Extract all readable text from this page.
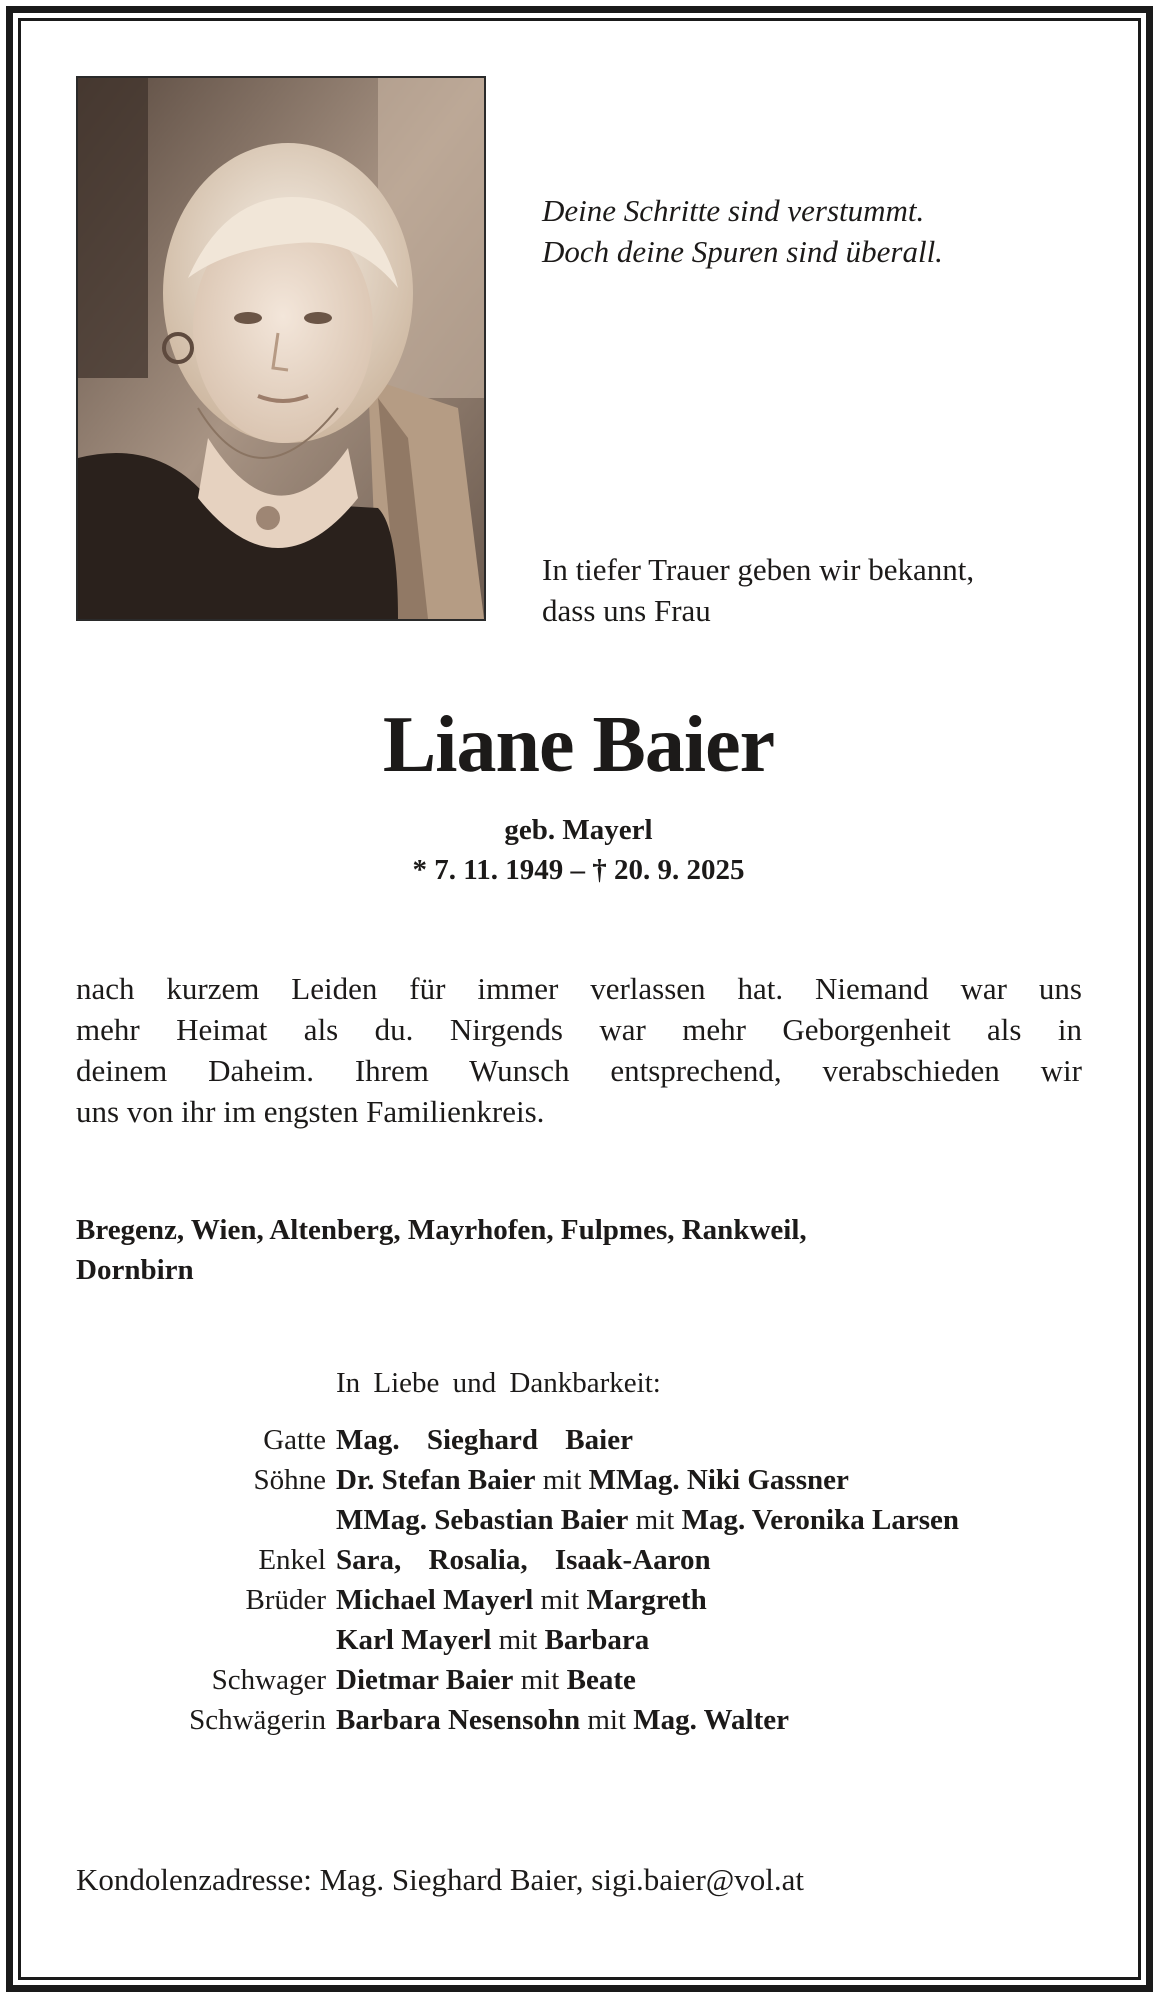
Deine Schritte sind verstummt.
Doch deine Spuren sind überall.
In tiefer Trauer geben wir bekannt,
dass uns Frau
Liane Baier
geb. Mayerl
* 7. 11. 1949 – † 20. 9. 2025
nach kurzem Leiden für immer verlassen hat. Niemand war uns
mehr Heimat als du. Nirgends war mehr Geborgenheit als in
deinem Daheim. Ihrem Wunsch entsprechend, verabschieden wir
uns von ihr im engsten Familienkreis.
Bregenz, Wien, Altenberg, Mayrhofen, Fulpmes, Rankweil,
Dornbirn
In Liebe und Dankbarkeit:
Gatte Mag. Sieghard Baier
Söhne Dr. Stefan Baier mit MMag. Niki Gassner
MMag. Sebastian Baier mit Mag. Veronika Larsen
Enkel Sara, Rosalia, Isaak-Aaron
Brüder Michael Mayerl mit Margreth
Karl Mayerl mit Barbara
Schwager Dietmar Baier mit Beate
Schwägerin Barbara Nesensohn mit Mag. Walter
Kondolenzadresse: Mag. Sieghard Baier, sigi.baier@vol.at
